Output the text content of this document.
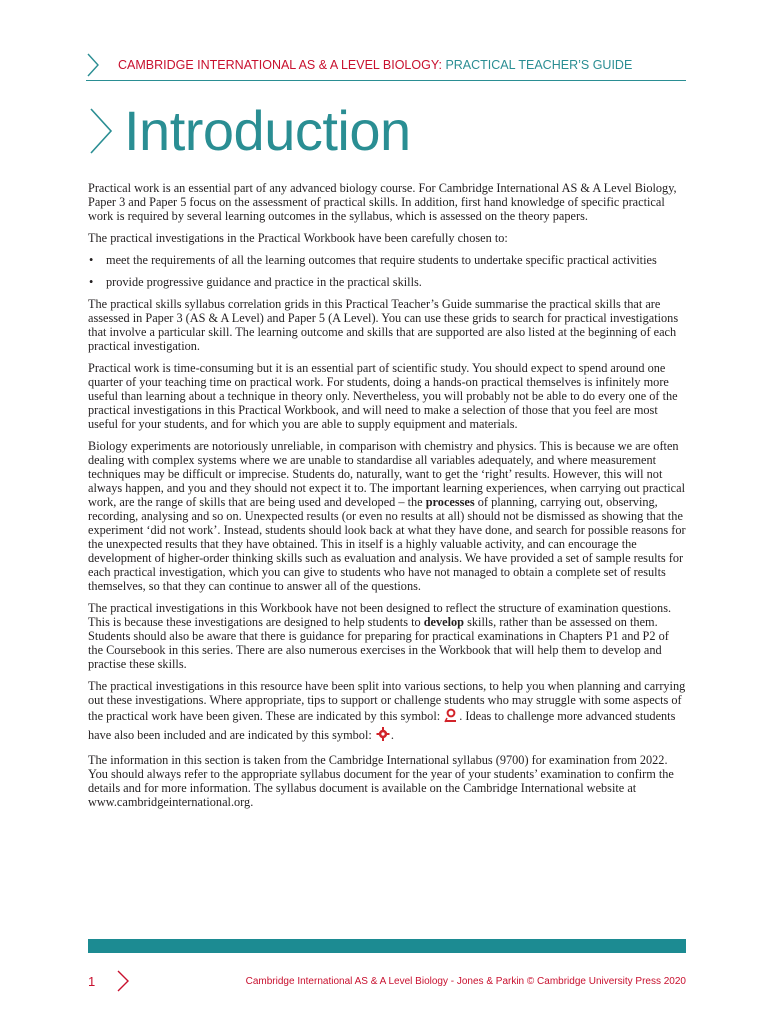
CAMBRIDGE INTERNATIONAL AS & A LEVEL BIOLOGY: PRACTICAL TEACHER’S GUIDE
Introduction

Practical work is an essential part of any advanced biology course. For Cambridge International AS & A Level Biology, Paper 3 and Paper 5 focus on the assessment of practical skills. In addition, first hand knowledge of specific practical work is required by several learning outcomes in the syllabus, which is assessed on the theory papers.

The practical investigations in the Practical Workbook have been carefully chosen to:

• meet the requirements of all the learning outcomes that require students to undertake specific practical activities
• provide progressive guidance and practice in the practical skills.

The practical skills syllabus correlation grids in this Practical Teacher’s Guide summarise the practical skills that are assessed in Paper 3 (AS & A Level) and Paper 5 (A Level). You can use these grids to search for practical investigations that involve a particular skill. The learning outcome and skills that are supported are also listed at the beginning of each practical investigation.

Practical work is time-consuming but it is an essential part of scientific study. You should expect to spend around one quarter of your teaching time on practical work. For students, doing a hands-on practical themselves is infinitely more useful than learning about a technique in theory only. Nevertheless, you will probably not be able to do every one of the practical investigations in this Practical Workbook, and will need to make a selection of those that you feel are most useful for your students, and for which you are able to supply equipment and materials.

Biology experiments are notoriously unreliable, in comparison with chemistry and physics. This is because we are often dealing with complex systems where we are unable to standardise all variables adequately, and where measurement techniques may be difficult or imprecise. Students do, naturally, want to get the ‘right’ results. However, this will not always happen, and you and they should not expect it to. The important learning experiences, when carrying out practical work, are the range of skills that are being used and developed – the processes of planning, carrying out, observing, recording, analysing and so on. Unexpected results (or even no results at all) should not be dismissed as showing that the experiment ‘did not work’. Instead, students should look back at what they have done, and search for possible reasons for the unexpected results that they have obtained. This in itself is a highly valuable activity, and can encourage the development of higher-order thinking skills such as evaluation and analysis. We have provided a set of sample results for each practical investigation, which you can give to students who have not managed to obtain a complete set of results themselves, so that they can continue to answer all of the questions.

The practical investigations in this Workbook have not been designed to reflect the structure of examination questions. This is because these investigations are designed to help students to develop skills, rather than be assessed on them. Students should also be aware that there is guidance for preparing for practical examinations in Chapters P1 and P2 of the Coursebook in this series. There are also numerous exercises in the Workbook that will help them to develop and practise these skills.

The practical investigations in this resource have been split into various sections, to help you when planning and carrying out these investigations. Where appropriate, tips to support or challenge students who may struggle with some aspects of the practical work have been given. These are indicated by this symbol: . Ideas to challenge more advanced students have also been included and are indicated by this symbol: .

The information in this section is taken from the Cambridge International syllabus (9700) for examination from 2022. You should always refer to the appropriate syllabus document for the year of your students’ examination to confirm the details and for more information. The syllabus document is available on the Cambridge International website at www.cambridgeinternational.org.

1	Cambridge International AS & A Level Biology - Jones & Parkin © Cambridge University Press 2020
